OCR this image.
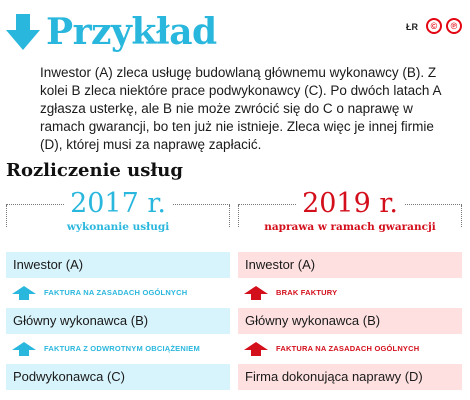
Przykład	ŁR	©	℗

Inwestor (A) zleca usługę budowlaną głównemu wykonawcy (B). Z kolei B zleca niektóre prace podwykonawcy (C). Po dwóch latach A zgłasza usterkę, ale B nie może zwrócić się do C o naprawę w ramach gwarancji, bo ten już nie istnieje. Zleca więc je innej firmie (D), której musi za naprawę zapłacić.

Rozliczenie usług
2017 r.
wykonanie usługi
Inwestor (A)
FAKTURA NA ZASADACH OGÓLNYCH
Główny wykonawca (B)
FAKTURA Z ODWROTNYM OBCIĄŻENIEM
Podwykonawca (C)
2019 r.
naprawa w ramach gwarancji
Inwestor (A)
BRAK FAKTURY
Główny wykonawca (B)
FAKTURA NA ZASADACH OGÓLNYCH
Firma dokonująca naprawy (D)
